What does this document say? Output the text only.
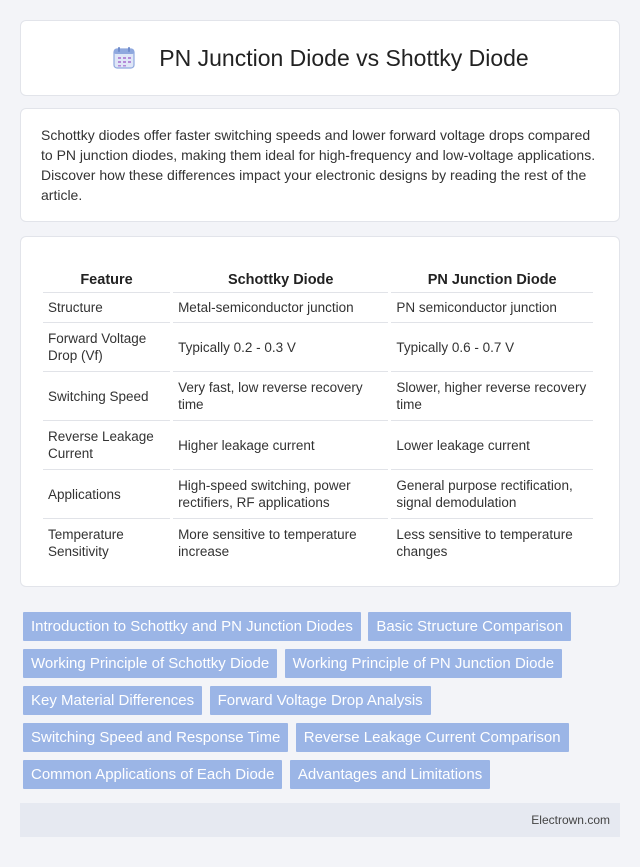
PN Junction Diode vs Shottky Diode

Schottky diodes offer faster switching speeds and lower forward voltage drops compared to PN junction diodes, making them ideal for high-frequency and low-voltage applications. Discover how these differences impact your electronic designs by reading the rest of the article.

Feature	Schottky Diode	PN Junction Diode
Structure	Metal-semiconductor junction	PN semiconductor junction
Forward Voltage Drop (Vf)	Typically 0.2 - 0.3 V	Typically 0.6 - 0.7 V
Switching Speed	Very fast, low reverse recovery time	Slower, higher reverse recovery time
Reverse Leakage Current	Higher leakage current	Lower leakage current
Applications	High-speed switching, power rectifiers, RF applications	General purpose rectification, signal demodulation
Temperature Sensitivity	More sensitive to temperature increase	Less sensitive to temperature changes
Introduction to Schottky and PN Junction Diodes Basic Structure Comparison Working Principle of Schottky Diode Working Principle of PN Junction Diode Key Material Differences Forward Voltage Drop Analysis Switching Speed and Response Time Reverse Leakage Current Comparison Common Applications of Each Diode Advantages and Limitations
Electrown.com
